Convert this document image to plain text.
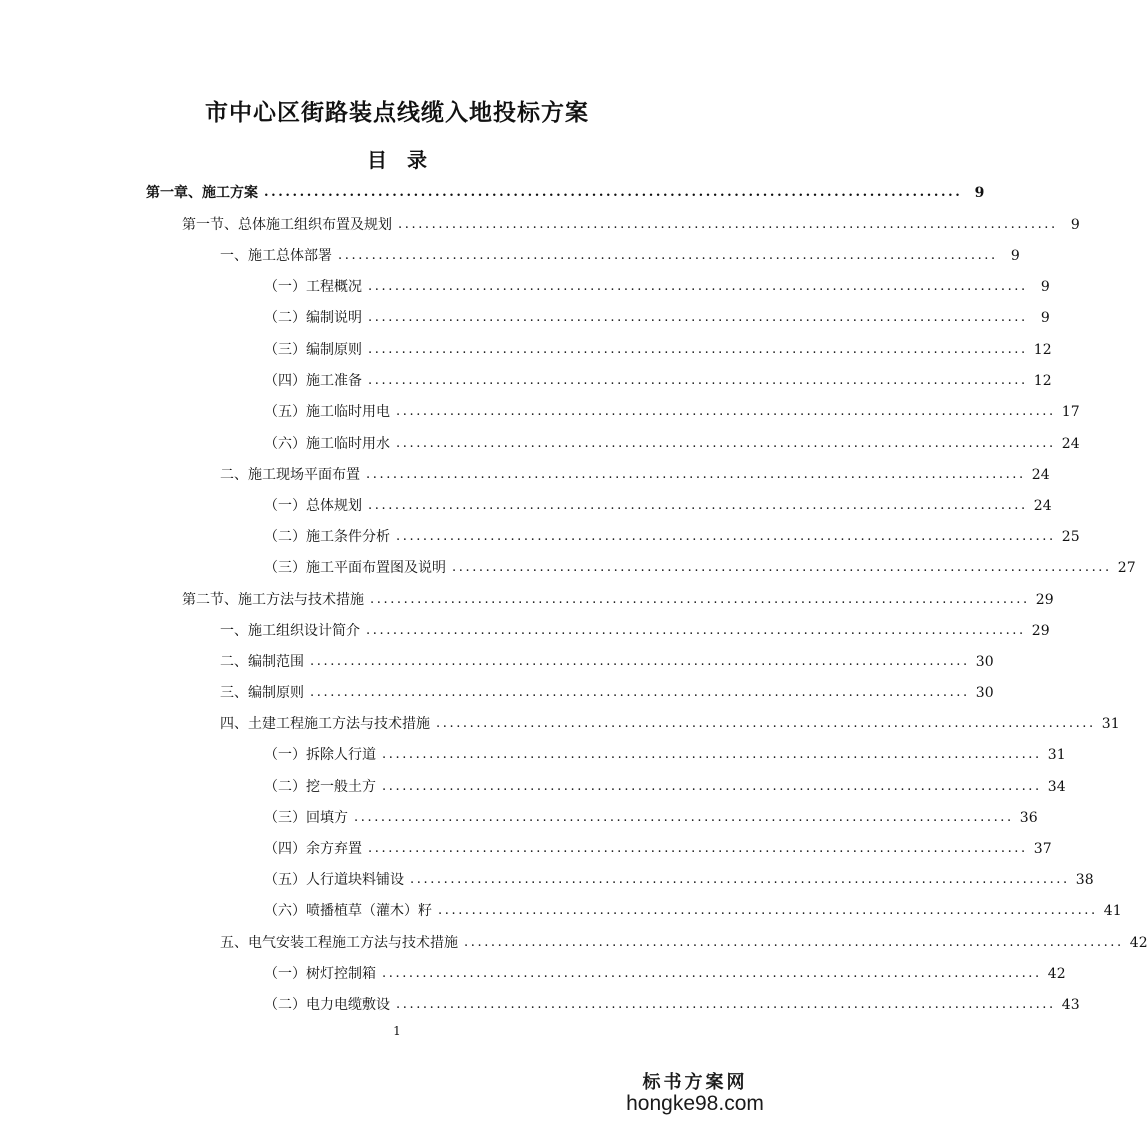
市中心区街路装点线缆入地投标方案
目　录
第一章、施工方案 .................................................................................................. 9
第一节、总体施工组织布置及规划 .................................................................................................. 9
一、施工总体部署 .................................................................................................. 9
（一）工程概况 .................................................................................................. 9
（二）编制说明 .................................................................................................. 9
（三）编制原则 .................................................................................................. 12
（四）施工准备 .................................................................................................. 12
（五）施工临时用电 .................................................................................................. 17
（六）施工临时用水 .................................................................................................. 24
二、施工现场平面布置 .................................................................................................. 24
（一）总体规划 .................................................................................................. 24
（二）施工条件分析 .................................................................................................. 25
（三）施工平面布置图及说明 .................................................................................................. 27
第二节、施工方法与技术措施 .................................................................................................. 29
一、施工组织设计简介 .................................................................................................. 29
二、编制范围 .................................................................................................. 30
三、编制原则 .................................................................................................. 30
四、土建工程施工方法与技术措施 .................................................................................................. 31
（一）拆除人行道 .................................................................................................. 31
（二）挖一般土方 .................................................................................................. 34
（三）回填方 .................................................................................................. 36
（四）余方弃置 .................................................................................................. 37
（五）人行道块料铺设 .................................................................................................. 38
（六）喷播植草（灌木）籽 .................................................................................................. 41
五、电气安装工程施工方法与技术措施 .................................................................................................. 42
（一）树灯控制箱 .................................................................................................. 42
（二）电力电缆敷设 .................................................................................................. 43
1
标书方案网
hongke98.com
